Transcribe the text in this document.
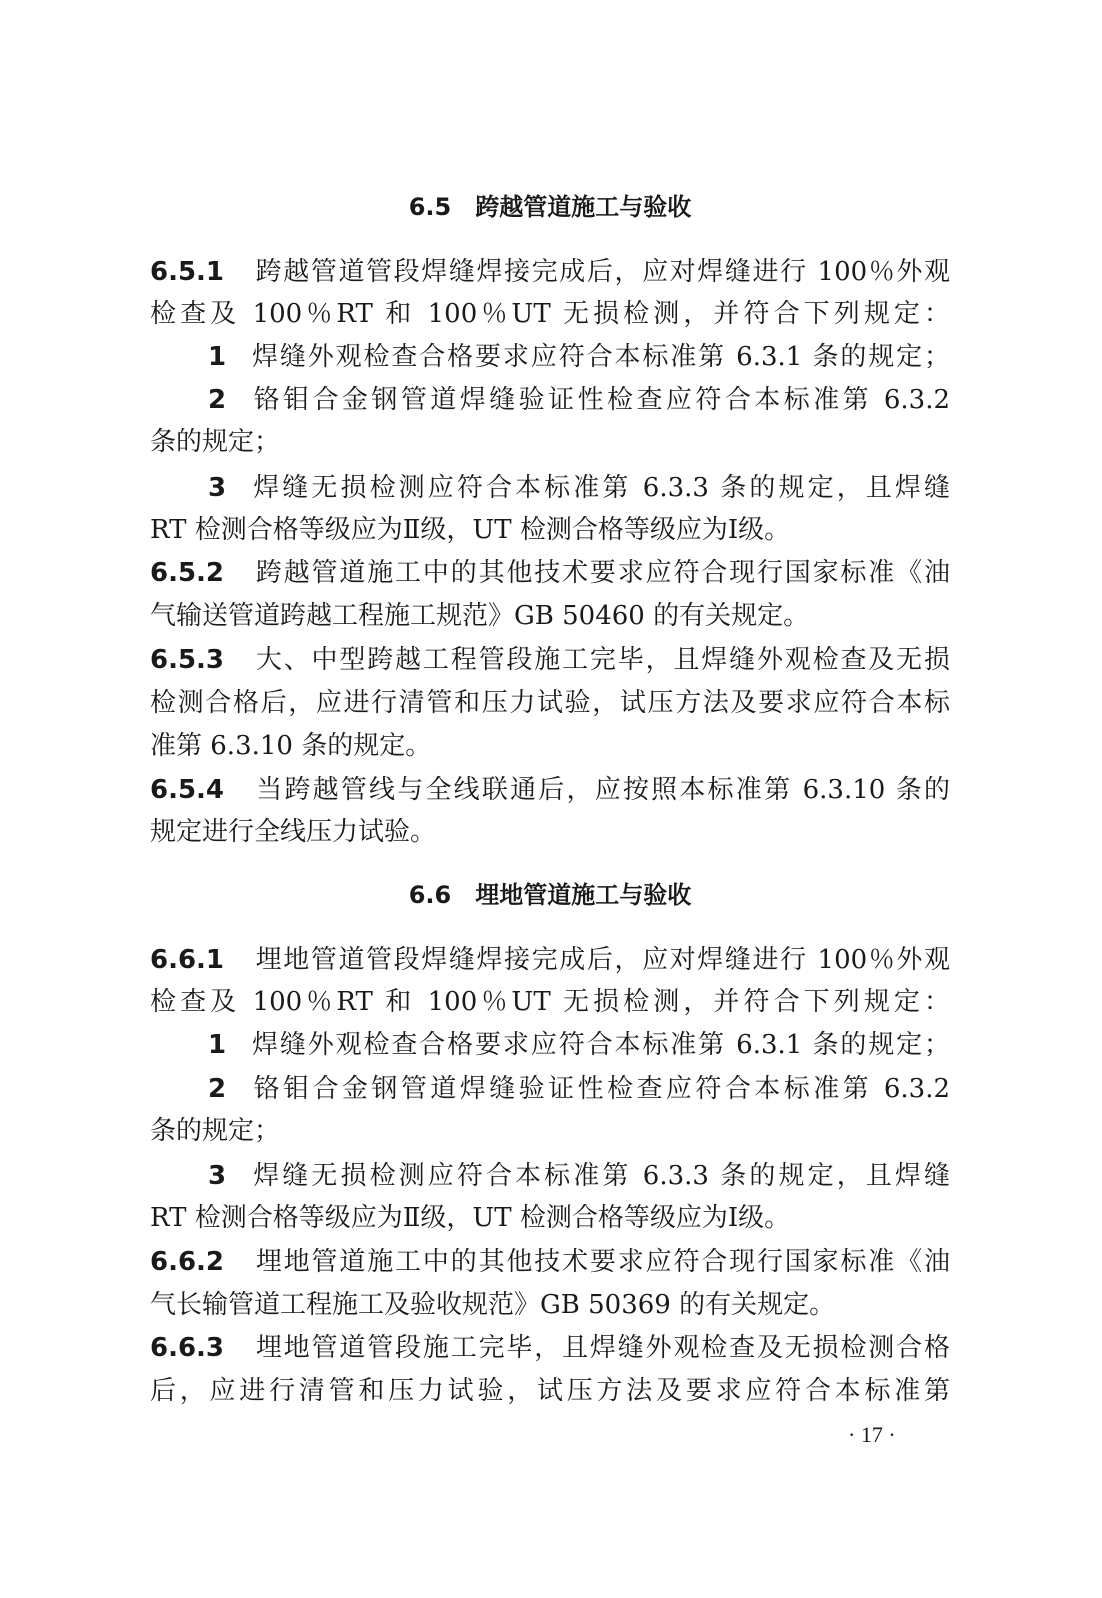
6.5 跨越管道施工与验收
6.5.1 跨越管道管段焊缝焊接完成后，应对焊缝进行 100％外观
检查及 100％RT 和 100％UT 无损检测，并符合下列规定：
1 焊缝外观检查合格要求应符合本标准第 6.3.1 条的规定；
2 铬钼合金钢管道焊缝验证性检查应符合本标准第 6.3.2
条的规定；
3 焊缝无损检测应符合本标准第 6.3.3 条的规定，且焊缝
RT 检测合格等级应为Ⅱ级，UT 检测合格等级应为Ⅰ级。
6.5.2 跨越管道施工中的其他技术要求应符合现行国家标准《油
气输送管道跨越工程施工规范》GB 50460 的有关规定。
6.5.3 大、中型跨越工程管段施工完毕，且焊缝外观检查及无损
检测合格后，应进行清管和压力试验，试压方法及要求应符合本标
准第 6.3.10 条的规定。
6.5.4 当跨越管线与全线联通后，应按照本标准第 6.3.10 条的
规定进行全线压力试验。
6.6 埋地管道施工与验收
6.6.1 埋地管道管段焊缝焊接完成后，应对焊缝进行 100％外观
检查及 100％RT 和 100％UT 无损检测，并符合下列规定：
1 焊缝外观检查合格要求应符合本标准第 6.3.1 条的规定；
2 铬钼合金钢管道焊缝验证性检查应符合本标准第 6.3.2
条的规定；
3 焊缝无损检测应符合本标准第 6.3.3 条的规定，且焊缝
RT 检测合格等级应为Ⅱ级，UT 检测合格等级应为Ⅰ级。
6.6.2 埋地管道施工中的其他技术要求应符合现行国家标准《油
气长输管道工程施工及验收规范》GB 50369 的有关规定。
6.6.3 埋地管道管段施工完毕，且焊缝外观检查及无损检测合格
后，应进行清管和压力试验，试压方法及要求应符合本标准第
· 17 ·
